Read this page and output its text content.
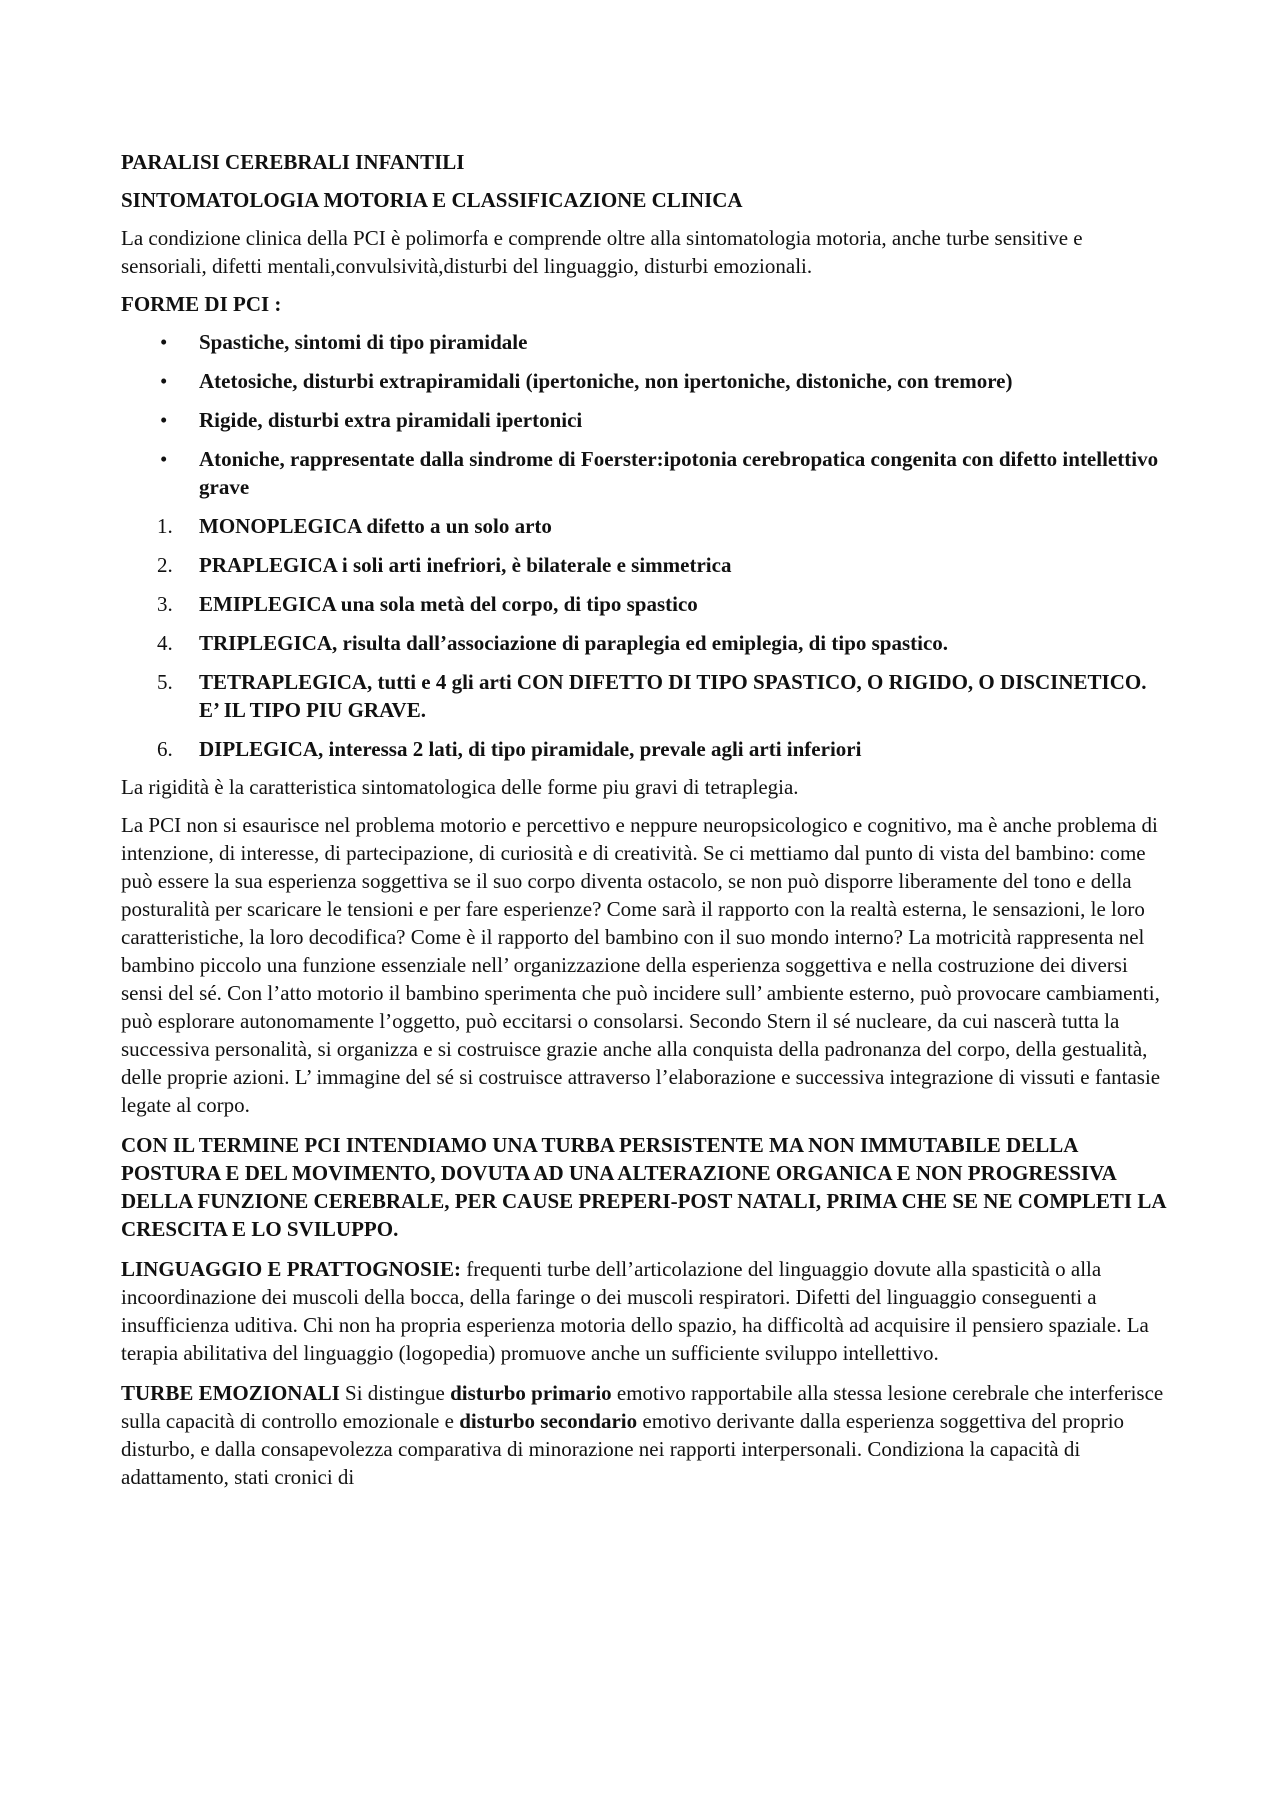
PARALISI CEREBRALI INFANTILI

SINTOMATOLOGIA MOTORIA E CLASSIFICAZIONE CLINICA

La condizione clinica della PCI è polimorfa e comprende oltre alla sintomatologia motoria, anche turbe sensitive e sensoriali, difetti mentali,convulsività,disturbi del linguaggio, disturbi emozionali.

FORME DI PCI :

• Spastiche, sintomi di tipo piramidale
• Atetosiche, disturbi extrapiramidali (ipertoniche, non ipertoniche, distoniche, con tremore)
• Rigide, disturbi extra piramidali ipertonici
• Atoniche, rappresentate dalla sindrome di Foerster:ipotonia cerebropatica congenita con difetto intellettivo grave
1. MONOPLEGICA difetto a un solo arto
2. PRAPLEGICA i soli arti inefriori, è bilaterale e simmetrica
3. EMIPLEGICA una sola metà del corpo, di tipo spastico
4. TRIPLEGICA, risulta dall’associazione di paraplegia ed emiplegia, di tipo spastico.
5. TETRAPLEGICA, tutti e 4 gli arti CON DIFETTO DI TIPO SPASTICO, O RIGIDO, O DISCINETICO. E’ IL TIPO PIU GRAVE.
6. DIPLEGICA, interessa 2 lati, di tipo piramidale, prevale agli arti inferiori

La rigidità è la caratteristica sintomatologica delle forme piu gravi di tetraplegia.

La PCI non si esaurisce nel problema motorio e percettivo e neppure neuropsicologico e cognitivo, ma è anche problema di intenzione, di interesse, di partecipazione, di curiosità e di creatività. Se ci mettiamo dal punto di vista del bambino: come può essere la sua esperienza soggettiva se il suo corpo diventa ostacolo, se non può disporre liberamente del tono e della posturalità per scaricare le tensioni e per fare esperienze? Come sarà il rapporto con la realtà esterna, le sensazioni, le loro caratteristiche, la loro decodifica? Come è il rapporto del bambino con il suo mondo interno? La motricità rappresenta nel bambino piccolo una funzione essenziale nell’ organizzazione della esperienza soggettiva e nella costruzione dei diversi sensi del sé. Con l’atto motorio il bambino sperimenta che può incidere sull’ ambiente esterno, può provocare cambiamenti, può esplorare autonomamente l’oggetto, può eccitarsi o consolarsi. Secondo Stern il sé nucleare, da cui nascerà tutta la successiva personalità, si organizza e si costruisce grazie anche alla conquista della padronanza del corpo, della gestualità, delle proprie azioni. L’ immagine del sé si costruisce attraverso l’elaborazione e successiva integrazione di vissuti e fantasie legate al corpo.

CON IL TERMINE PCI INTENDIAMO UNA TURBA PERSISTENTE MA NON IMMUTABILE DELLA POSTURA E DEL MOVIMENTO, DOVUTA AD UNA ALTERAZIONE ORGANICA E NON PROGRESSIVA DELLA FUNZIONE CEREBRALE, PER CAUSE PREPERI-POST NATALI, PRIMA CHE SE NE COMPLETI LA CRESCITA E LO SVILUPPO.

LINGUAGGIO E PRATTOGNOSIE: frequenti turbe dell’articolazione del linguaggio dovute alla spasticità o alla incoordinazione dei muscoli della bocca, della faringe o dei muscoli respiratori. Difetti del linguaggio conseguenti a insufficienza uditiva. Chi non ha propria esperienza motoria dello spazio, ha difficoltà ad acquisire il pensiero spaziale. La terapia abilitativa del linguaggio (logopedia) promuove anche un sufficiente sviluppo intellettivo.

TURBE EMOZIONALI Si distingue disturbo primario emotivo rapportabile alla stessa lesione cerebrale che interferisce sulla capacità di controllo emozionale e disturbo secondario emotivo derivante dalla esperienza soggettiva del proprio disturbo, e dalla consapevolezza comparativa di minorazione nei rapporti interpersonali. Condiziona la capacità di adattamento, stati cronici di
